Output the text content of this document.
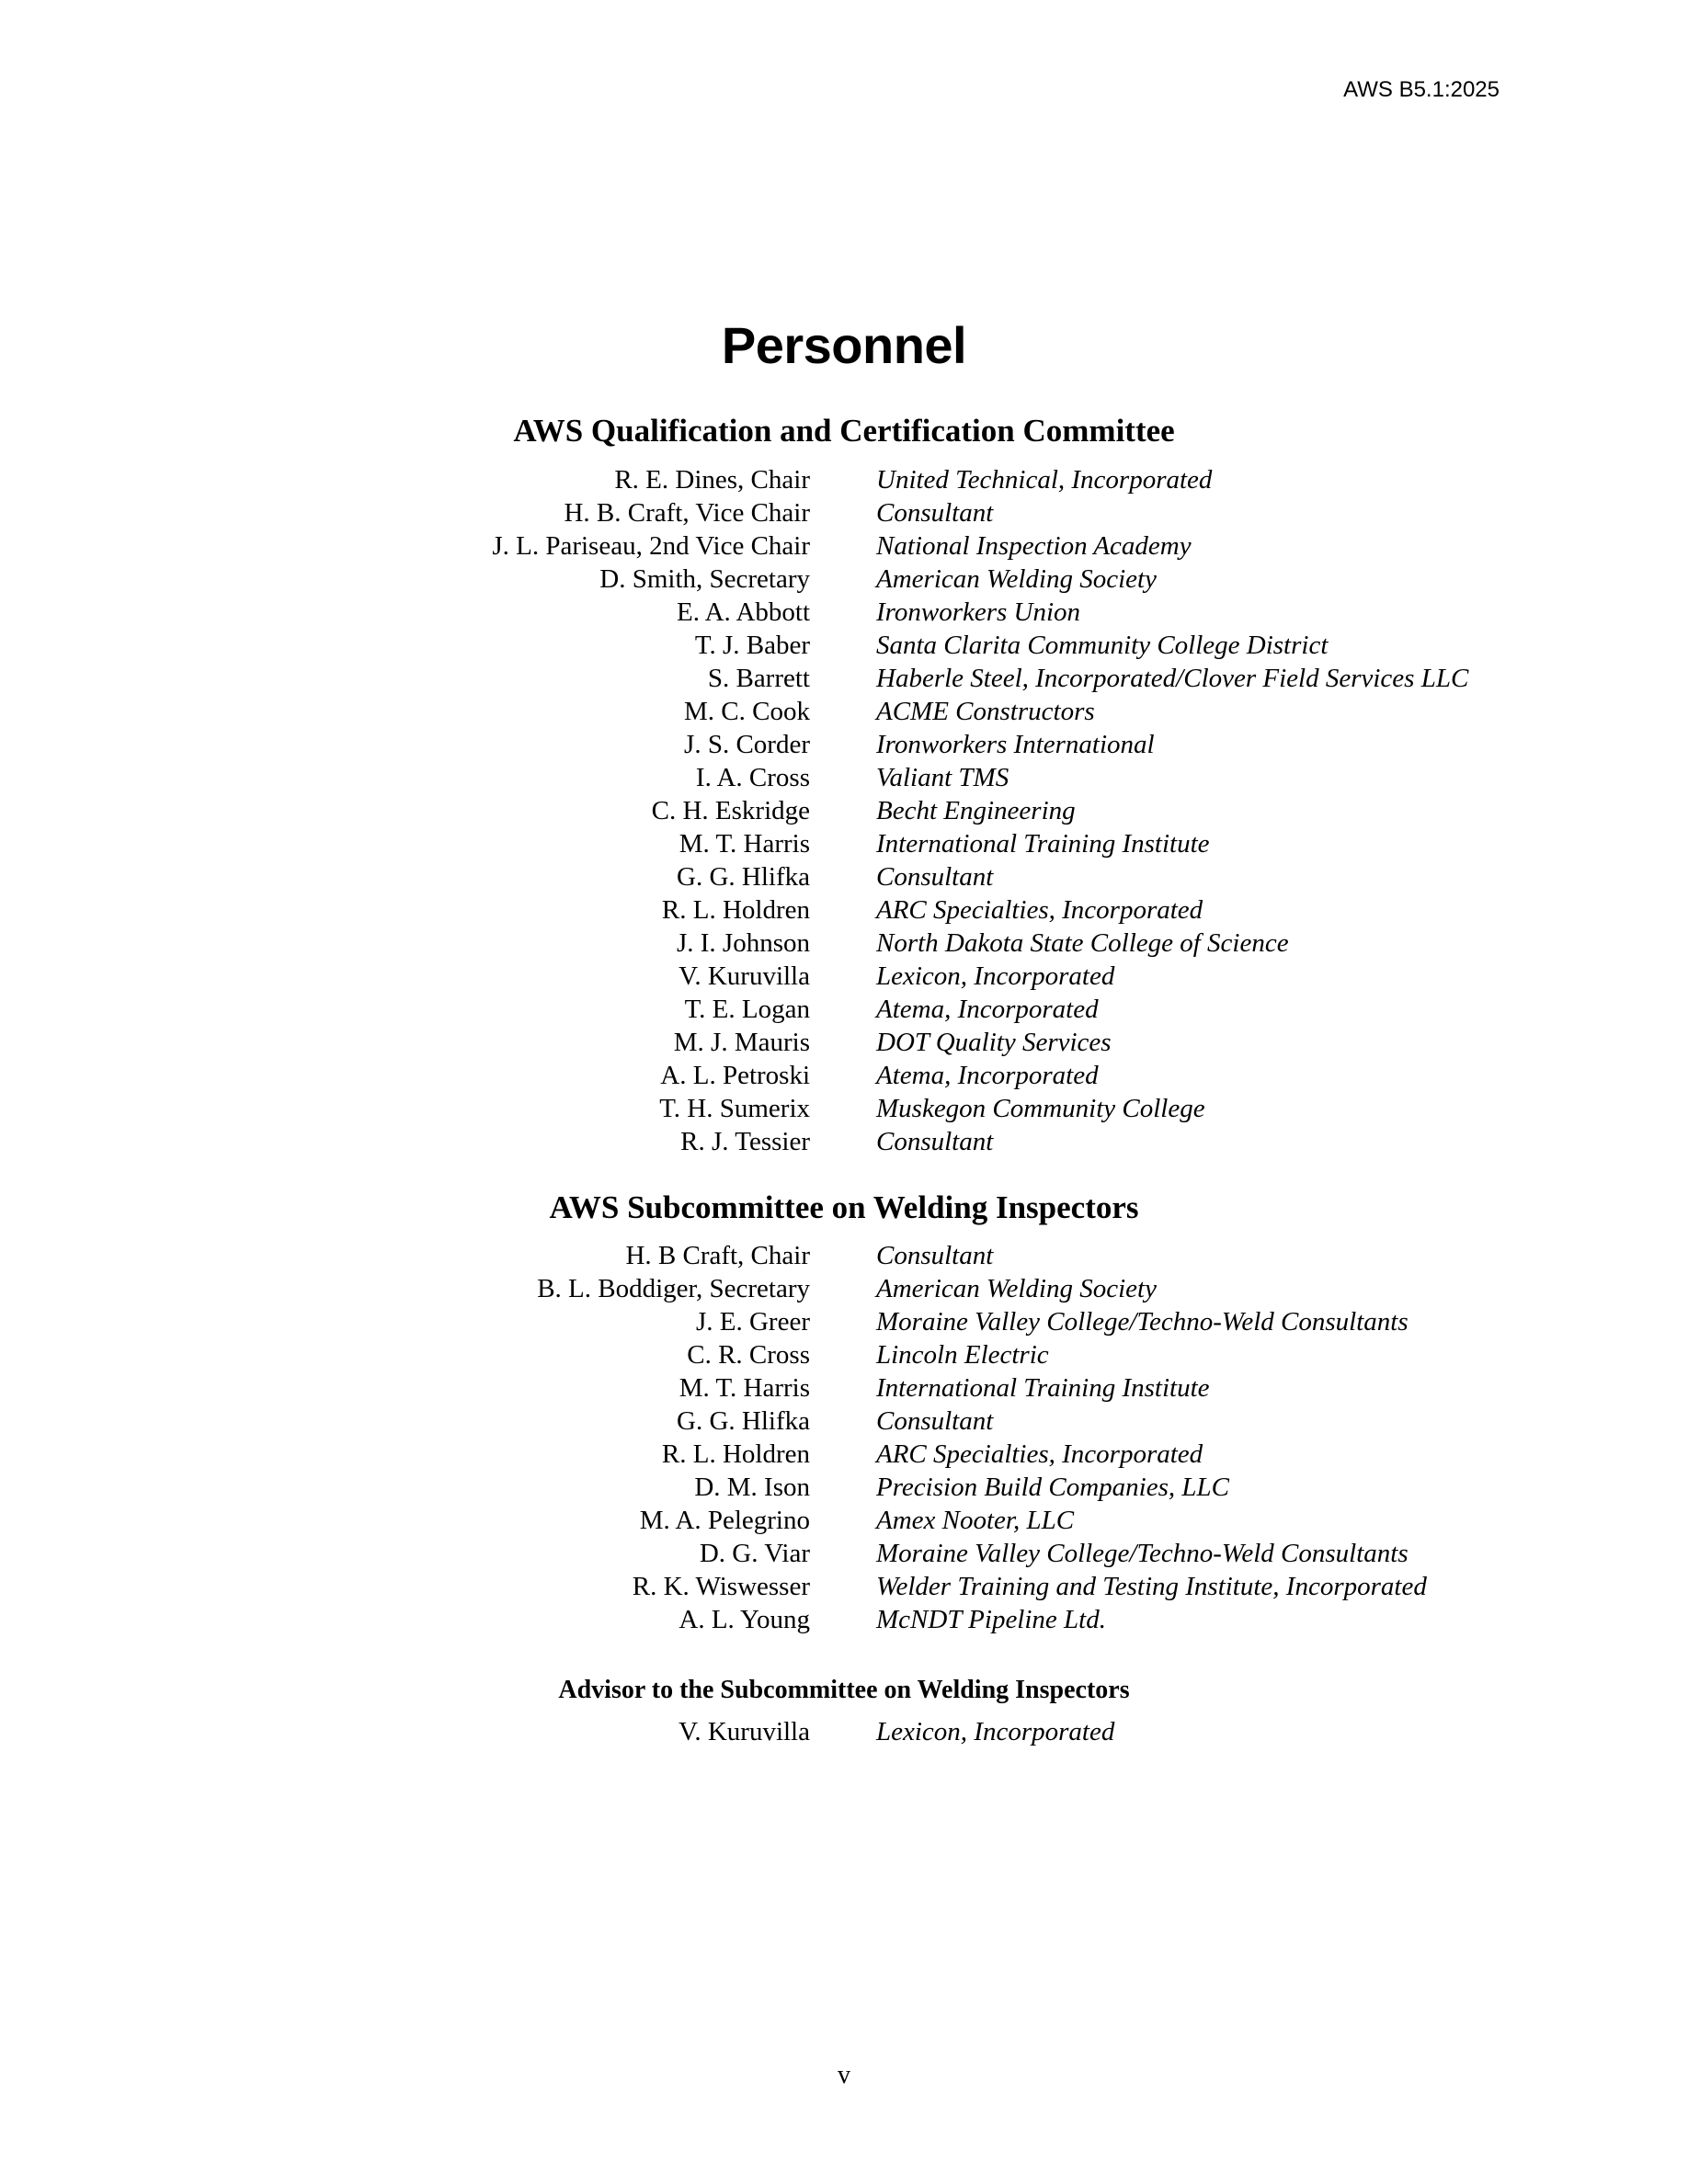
AWS B5.1:2025
Personnel
AWS Qualification and Certification Committee
R. E. Dines, Chair United Technical, Incorporated
H. B. Craft, Vice Chair Consultant
J. L. Pariseau, 2nd Vice Chair National Inspection Academy
D. Smith, Secretary American Welding Society
E. A. Abbott Ironworkers Union
T. J. Baber Santa Clarita Community College District
S. Barrett Haberle Steel, Incorporated/Clover Field Services LLC
M. C. Cook ACME Constructors
J. S. Corder Ironworkers International
I. A. Cross Valiant TMS
C. H. Eskridge Becht Engineering
M. T. Harris International Training Institute
G. G. Hlifka Consultant
R. L. Holdren ARC Specialties, Incorporated
J. I. Johnson North Dakota State College of Science
V. Kuruvilla Lexicon, Incorporated
T. E. Logan Atema, Incorporated
M. J. Mauris DOT Quality Services
A. L. Petroski Atema, Incorporated
T. H. Sumerix Muskegon Community College
R. J. Tessier Consultant
AWS Subcommittee on Welding Inspectors
H. B Craft, Chair Consultant
B. L. Boddiger, Secretary American Welding Society
J. E. Greer Moraine Valley College/Techno-Weld Consultants
C. R. Cross Lincoln Electric
M. T. Harris International Training Institute
G. G. Hlifka Consultant
R. L. Holdren ARC Specialties, Incorporated
D. M. Ison Precision Build Companies, LLC
M. A. Pelegrino Amex Nooter, LLC
D. G. Viar Moraine Valley College/Techno-Weld Consultants
R. K. Wiswesser Welder Training and Testing Institute, Incorporated
A. L. Young McNDT Pipeline Ltd.
Advisor to the Subcommittee on Welding Inspectors
V. Kuruvilla Lexicon, Incorporated
v
